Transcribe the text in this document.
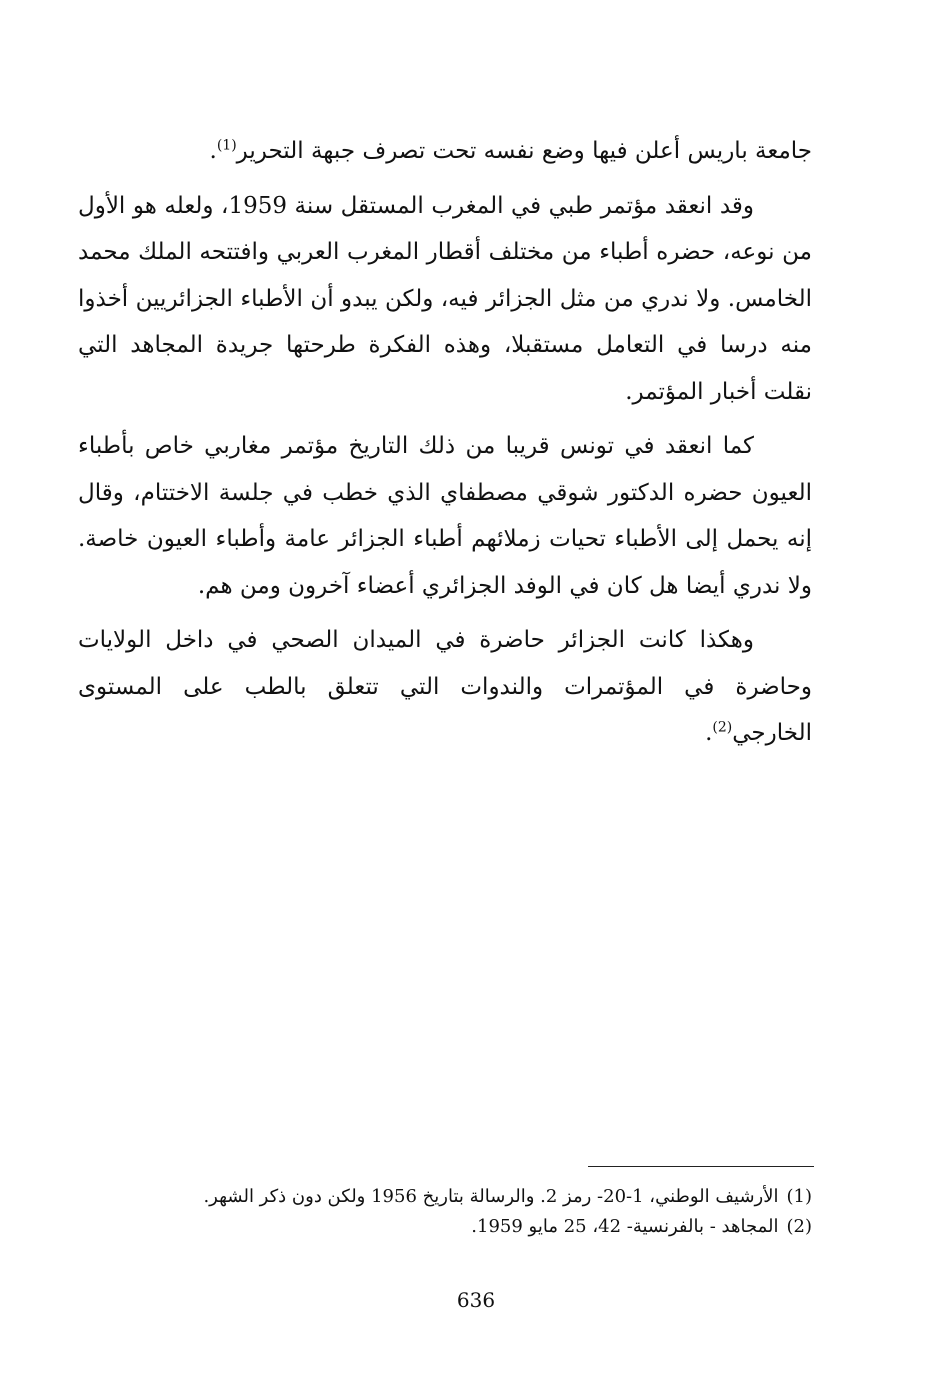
جامعة باريس أعلن فيها وضع نفسه تحت تصرف جبهة التحرير$^{(1)}$.

وقد انعقد مؤتمر طبي في المغرب المستقل سنة 1959، ولعله هو الأول من نوعه، حضره أطباء من مختلف أقطار المغرب العربي وافتتحه الملك محمد الخامس. ولا ندري من مثل الجزائر فيه، ولكن يبدو أن الأطباء الجزائريين أخذوا منه درسا في التعامل مستقبلا، وهذه الفكرة طرحتها جريدة المجاهد التي نقلت أخبار المؤتمر.

كما انعقد في تونس قريبا من ذلك التاريخ مؤتمر مغاربي خاص بأطباء العيون حضره الدكتور شوقي مصطفاي الذي خطب في جلسة الاختتام، وقال إنه يحمل إلى الأطباء تحيات زملائهم أطباء الجزائر عامة وأطباء العيون خاصة. ولا ندري أيضا هل كان في الوفد الجزائري أعضاء آخرون ومن هم.

وهكذا كانت الجزائر حاضرة في الميدان الصحي في داخل الولايات وحاضرة في المؤتمرات والندوات التي تتعلق بالطب على المستوى الخارجي$^{(2)}$.

(1)الأرشيف الوطني، 1-20- رمز 2. والرسالة بتاريخ 1956 ولكن دون ذكر الشهر.

(2)المجاهد - بالفرنسية- 42، 25 مايو 1959.

636
